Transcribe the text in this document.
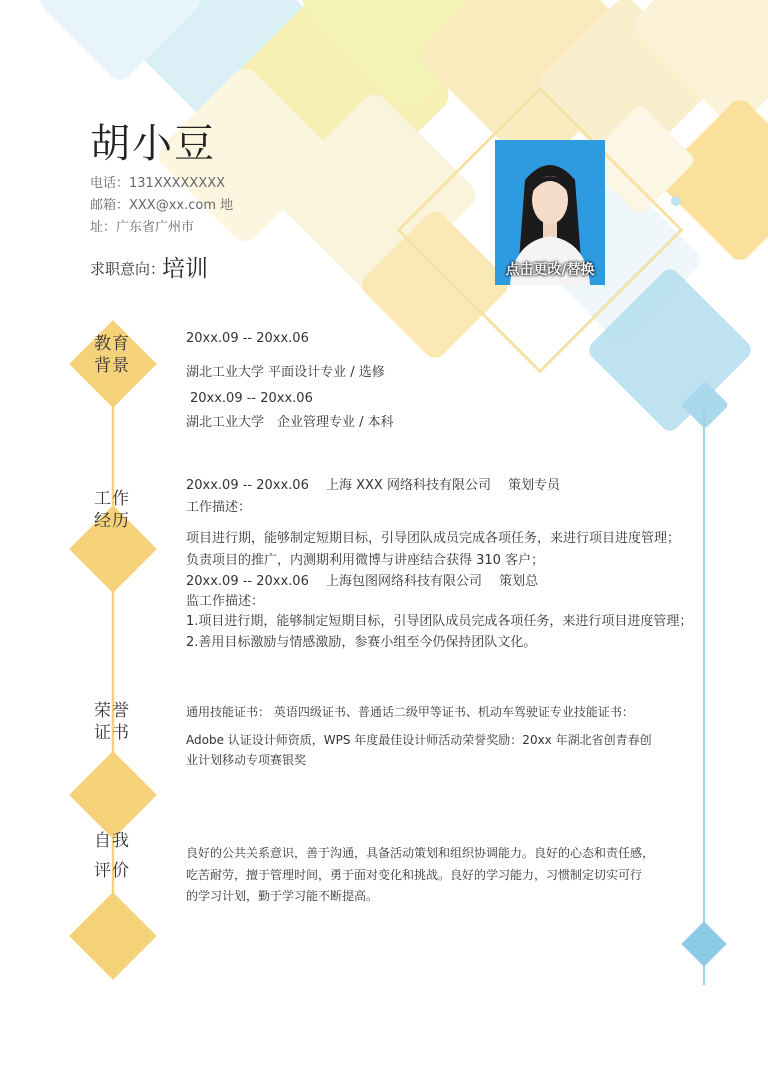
胡小豆
电话：131XXXXXXXX
邮箱：XXX@xx.com 地
址：广东省广州市
求职意向：
培训	点击更改/替换
教育
背景
20xx.09 -- 20xx.06
湖北工业大学 平面设计专业 / 选修
20xx.09 -- 20xx.06
湖北工业大学　企业管理专业 / 本科
工作
经历
20xx.09 -- 20xx.06　 上海 XXX 网络科技有限公司　 策划专员
工作描述：
项目进行期，能够制定短期目标，引导团队成员完成各项任务，来进行项目进度管理；
负责项目的推广，内测期利用微博与讲座结合获得 310 客户；
20xx.09 -- 20xx.06　 上海包图网络科技有限公司　 策划总
监工作描述：
1.项目进行期，能够制定短期目标，引导团队成员完成各项任务，来进行项目进度管理；
2.善用目标激励与情感激励，参赛小组至今仍保持团队文化。
荣誉
证书
通用技能证书： 英语四级证书、普通话二级甲等证书、机动车驾驶证专业技能证书：
Adobe 认证设计师资质，WPS 年度最佳设计师活动荣誉奖励：20xx 年湖北省创青春创
业计划移动专项赛银奖
自我
评价
良好的公共关系意识，善于沟通，具备活动策划和组织协调能力。良好的心态和责任感，
吃苦耐劳，擅于管理时间，勇于面对变化和挑战。良好的学习能力，习惯制定切实可行
的学习计划，勤于学习能不断提高。
